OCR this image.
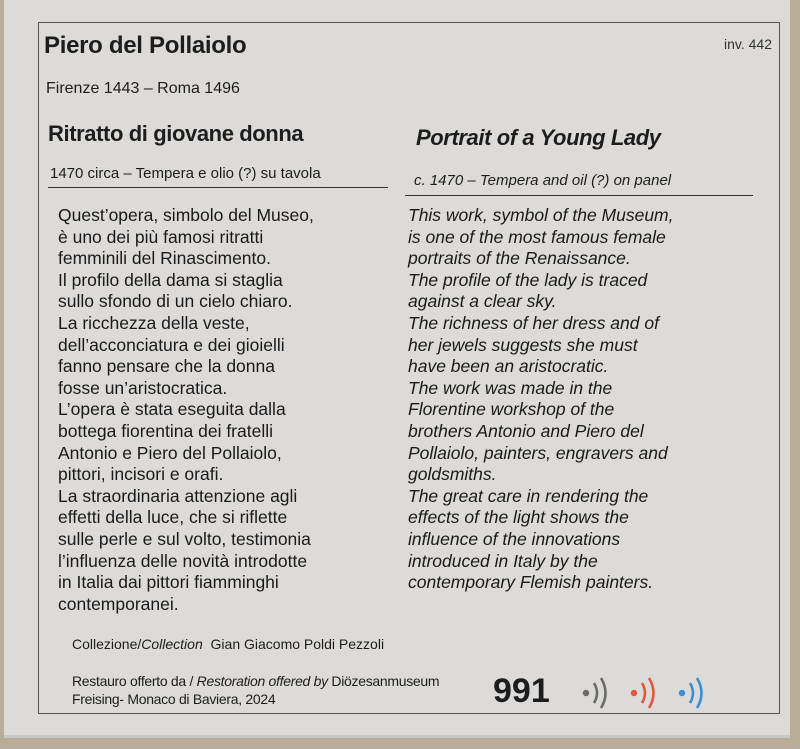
Piero del Pollaiolo	inv. 442
Firenze 1443 – Roma 1496
Ritratto di giovane donna	Portrait of a Young Lady
1470 circa – Tempera e olio (?) su tavola	c. 1470 – Tempera and oil (?) on panel
Quest’opera, simbolo del Museo,
è uno dei più famosi ritratti
femminili del Rinascimento.
Il profilo della dama si staglia
sullo sfondo di un cielo chiaro.
La ricchezza della veste,
dell’acconciatura e dei gioielli
fanno pensare che la donna
fosse un’aristocratica.
L’opera è stata eseguita dalla
bottega fiorentina dei fratelli
Antonio e Piero del Pollaiolo,
pittori, incisori e orafi.
La straordinaria attenzione agli
effetti della luce, che si riflette
sulle perle e sul volto, testimonia
l’influenza delle novità introdotte
in Italia dai pittori fiamminghi
contemporanei.
This work, symbol of the Museum,
is one of the most famous female
portraits of the Renaissance.
The profile of the lady is traced
against a clear sky.
The richness of her dress and of
her jewels suggests she must
have been an aristocratic.
The work was made in the
Florentine workshop of the
brothers Antonio and Piero del
Pollaiolo, painters, engravers and
goldsmiths.
The great care in rendering the
effects of the light shows the
influence of the innovations
introduced in Italy by the
contemporary Flemish painters.
Collezione/Collection Gian Giacomo Poldi Pezzoli
Restauro offerto da / Restoration offered by Diözesanmuseum
Freising- Monaco di Baviera, 2024	991
